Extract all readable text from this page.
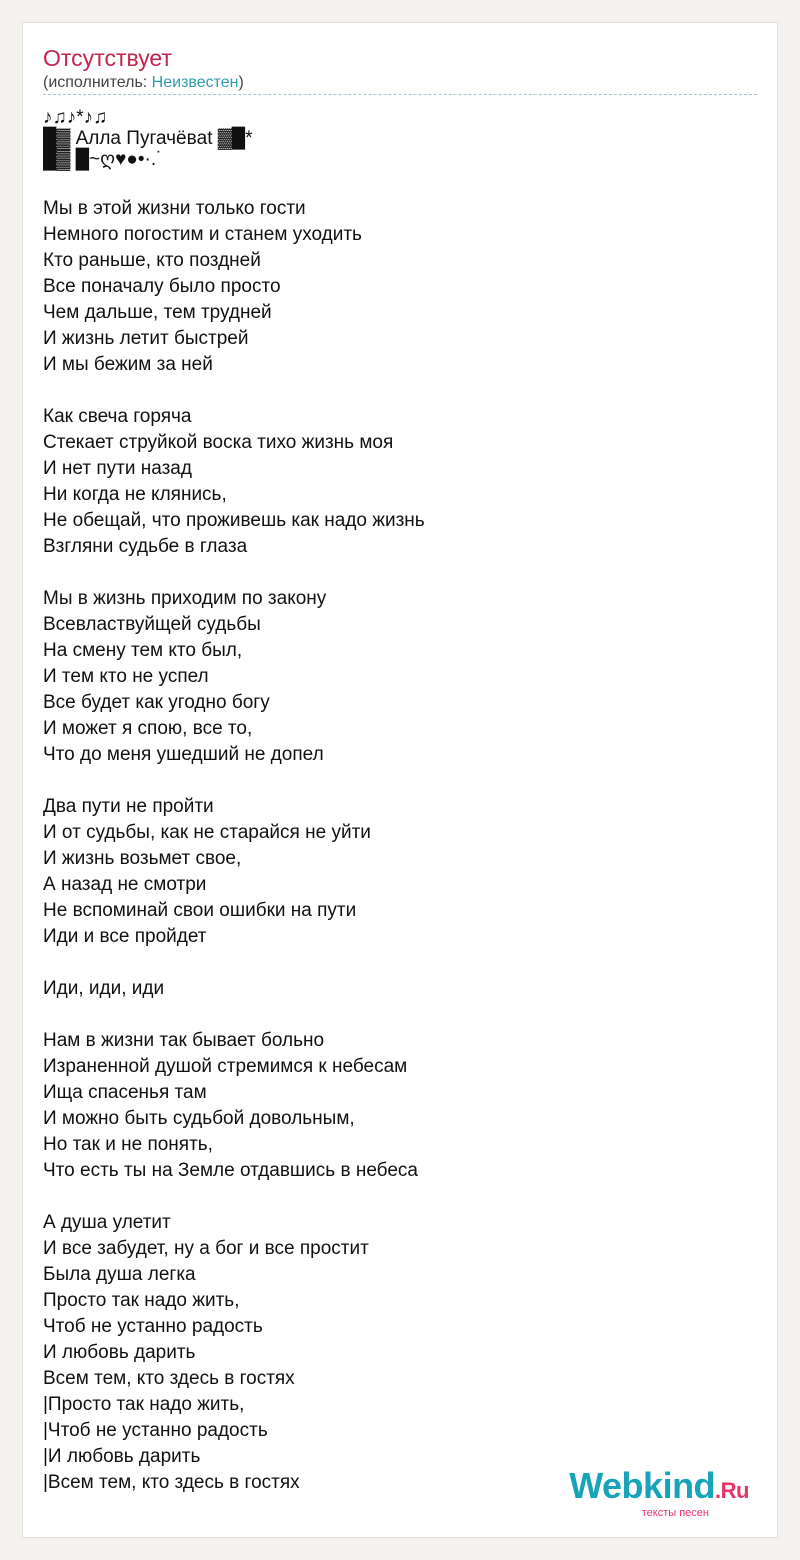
Отсутствует
(исполнитель: Неизвестен)
♪♫♪*♪♫
█▓ Алла Пугачёвat ▓█*
█▓ █~ღ♥●•·.˙
Мы в этой жизни только гости
Немного погостим и станем уходить
Кто раньше, кто поздней
Все поначалу было просто
Чем дальше, тем трудней
И жизнь летит быстрей
И мы бежим за ней
Как свеча горяча
Стекает струйкой воска тихо жизнь моя
И нет пути назад
Ни когда не клянись,
Не обещай, что проживешь как надо жизнь
Взгляни судьбе в глаза
Мы в жизнь приходим по закону
Всевластвуйщей судьбы
На смену тем кто был,
И тем кто не успел
Все будет как угодно богу
И может я спою, все то,
Что до меня ушедший не допел
Два пути не пройти
И от судьбы, как не старайся не уйти
И жизнь возьмет свое,
А назад не смотри
Не вспоминай свои ошибки на пути
Иди и все пройдет
Иди, иди, иди
Нам в жизни так бывает больно
Израненной душой стремимся к небесам
Ища спасенья там
И можно быть судьбой довольным,
Но так и не понять,
Что есть ты на Земле отдавшись в небеса
А душа улетит
И все забудет, ну а бог и все простит
Была душа легка
Просто так надо жить,
Чтоб не устанно радость
И любовь дарить
Всем тем, кто здесь в гостях
|Просто так надо жить,
|Чтоб не устанно радость
|И любовь дарить
|Всем тем, кто здесь в гостях	Webkind.Ru
тексты песен
